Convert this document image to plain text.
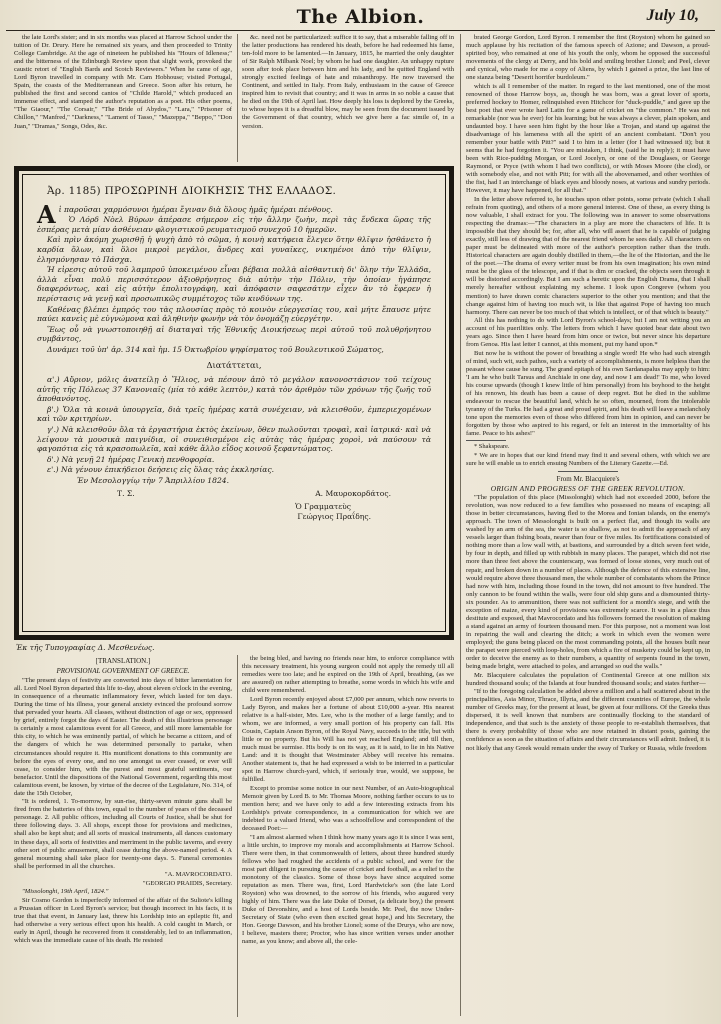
The Albion.	July 10,

the late Lord's sister; and in six months was placed at Harrow School under the tuition of Dr. Drury. Here he remained six years, and then proceeded to Trinity College Cambridge. At the age of nineteen he published his "Hours of Idleness;" and the bitterness of the Edinburgh Review upon that slight work, provoked the caustic retort of "English Bards and Scotch Reviewers." When he came of age, Lord Byron travelled in company with Mr. Cam Hobhouse; visited Portugal, Spain, the coasts of the Mediterranean and Greece. Soon after his return, he published the first and second cantos of "Childe Harold," which produced an immense effect, and stamped the author's reputation as a poet. His other poems, "The Giaour," "The Corsair," "The Bride of Abydos," "Lara," "Prisoner of Chillon," "Manfred," "Darkness," "Lament of Tasso," "Mazeppa," "Beppo," "Don Juan," "Dramas," Songs, Odes, &c.

&c. need not be particularized: suffice it to say, that a miserable falling off in the latter productions has rendered his death, before he had redeemed his fame, ten-fold more to be lamented.—In January, 1815, he married the only daughter of Sir Ralph Milbank Noel; by whom he had one daughter. An unhappy rupture soon after took place between him and his lady, and he quitted England with strongly excited feelings of hate and misanthropy. He now traversed the Continent, and settled in Italy. From Italy, enthusiasm in the cause of Greece inspired him to revisit that country; and it was in arms in so noble a cause that he died on the 19th of April last. How deeply his loss is deplored by the Greeks, to whose hopes it is a dreadful blow, may be seen from the document issued by the Government of that country, which we give here a fac simile of, in a version.

Ἀρ. 1185) ΠΡΟΣΩΡΙΝΗ ΔΙΟΙΚΗΣΙΣ ΤΗΣ ΕΛΛΑΔΟΣ.

Αἱ παροῦσαι χαρμόσυνοι ἡμέραι ἔγιναν διὰ ὅλους ἡμᾶς ἡμέραι πένθους.

Ὁ Λόρδ Νὸελ Βύρων ἀπέρασε σήμερον εἰς τὴν ἄλλην ζωὴν, περὶ τὰς ἕνδεκα ὥρας τῆς ἑσπέρας μετὰ μίαν ἀσθένειαν φλογιστικοῦ ρευματισμοῦ συνεχοῦ 10 ἡμερῶν.

Καὶ πρὶν ἀκόμη χωρισθῇ ἡ ψυχὴ ἀπὸ τὸ σῶμα, ἡ κοινὴ κατήφεια ἔλεγεν ὅτην θλῖψιν ἠσθάνετο ἡ καρδία ὅλων, καὶ ὅλοι μικροὶ μεγάλοι, ἄνδρες καὶ γυναῖκες, νικημένοι ἀπὸ τὴν θλῖψιν, ἐλησμόνησαν τὸ Πάσχα.

Ἡ εἰρεσις αὐτοῦ τοῦ λαμπροῦ ὑποκειμένου εἶναι βέβαια πολλὰ αἰσθαντικὴ δι' ὅλην τὴν Ἑλλάδα, ἀλλὰ εἶναι πολὺ περισσότερον ἀξιοθρήνητος διὰ αὐτὴν τὴν Πόλιν, τὴν ὁποίαν ἠγάπησε διαφερόντως, καὶ εἰς αὐτὴν ἐπολιτογράφη, καὶ ἀπόφασιν σαφεσάτην εἶχεν ἂν τὸ ἔφερεν ἡ περίστασις νὰ γενῇ καὶ προσωπικῶς συμμέτοχος τῶν κινδύνων της.

Καθένας βλέπει ἐμπρός του τὰς πλουσίας πρὸς τὸ κοινὸν εὐεργεσίας του, καὶ μήτε ἔπαυσε μήτε παύει κανεὶς μὲ εὐγνώμονα καὶ ἀληθινὴν φωνὴν νὰ τὸν ὀνομάζῃ εὐεργέτην.

Ἕως οὗ νὰ γνωστοποιηθῇ αἱ διαταγαὶ τῆς Ἐθνικῆς Διοικήσεως περὶ αὐτοῦ τοῦ πολυθρήνητου συμβάντος,

Δυνάμει τοῦ ὑπ' ἀρ. 314 καὶ ἡμ. 15 Ὀκτωβρίου ψηφίσματος τοῦ Βουλευτικοῦ Σώματος,

Διατάττεται,

α'.) Αὔριον, μόλις ἀνατείλῃ ὁ Ἥλιος, νὰ πέσουν ἀπὸ τὸ μεγάλον κανονοστάσιον τοῦ τείχους αὐτῆς τῆς Πόλεως 37 Κανονιαῖς (μία τὸ κάθε λεπτὸν,) κατὰ τὸν ἀριθμὸν τῶν χρόνων τῆς ζωῆς τοῦ ἀποθανόντος.

β'.) Ὅλα τὰ κοινὰ ὑπουργεῖα, διὰ τρεῖς ἡμέρας κατὰ συνέχειαν, νὰ κλεισθοῦν, ἐμπεριεχομένων καὶ τῶν κριτηρίων.

γ'.) Νὰ κλεισθοῦν ὅλα τὰ ἐργαστήρια ἐκτὸς ἐκείνων, ὅθεν πωλοῦνται τροφαὶ, καὶ ἰατρικά· καὶ νὰ λείψουν τὰ μουσικὰ παιγνίδια, οἱ συνειθισμένοι εἰς αὐτὰς τὰς ἡμέρας χοροὶ, νὰ παύσουν τὰ φαγοπότια εἰς τὰ κρασοπωλεῖα, καὶ κάθε ἄλλο εἶδος κοινοῦ ξεφαντώματος.

δ'.) Νὰ γενῇ 21 ἡμέρας Γενικὴ πενθοφορία.

ε'.) Νὰ γένουν ἐπικήδειοι δεήσεις εἰς ὅλας τὰς ἐκκλησίας.

Ἐν Μεσολογγίῳ τὴν 7 Ἀπριλλίου 1824.

Τ. Σ.	Α. Μαυροκορδάτος.
Ὁ Γραμματεὺς
Γεώργιος Πραΐδης.
Ἐκ τῆς Τυπογραφίας Δ. Μεσθενέως.

brated George Gordon, Lord Byron. I remember the first (Royston) whom he gained so much applause by his recitation of the famous speech of Azione; and Dawson, a proud-spirited boy, who remained at one of his youth the only, whom he opposed the successful movements of the clergy at Derry, and his bold and smiling brother Lionel; and Peel, clever and cynical, who made for me a copy of Aliens, by which I gained a prize, the last line of one stanza being "Deserit horrifer burdoleum."

which is all I remember of the matter. In regard to the last mentioned, one of the most renowned of those Harrow boys, as, though he was born, was a great lover of sports, preferred hockey to Homer, relinquished even Hitchcor for "duck-puddle," and gave up the best poet that ever wrote hard Latin for a game of cricket on "the common." He was not remarkable (nor was he ever) for his learning; but he was always a clever, plain spoken, and undaunted boy. I have seen him fight by the hour like a Trojan, and stand up against the disadvantage of his lameness with all the spirit of an ancient combatant. "Don't you remember your battle with Pitt?" said I to him in a letter (for I had witnessed it); but it seems that he had forgotten it. "You are mistaken, I think, (said he in reply); it must have been with Rice-pudding Morgan, or Lord Jocelyn, or one of the Douglases, or George Raymond, or Pryce (with whom I had two conflicts), or with Moses Moore (the clod), or with somebody else, and not with Pitt; for with all the abovenamed, and other worthies of the fist, had I an interchange of black eyes and bloody noses, at various and sundry periods. However, it may have happened, for all that."

In the letter above referred to, he touches upon other points, some private (which I shall refrain from quoting), and others of a more general interest. One of these, as every thing is now valuable, I shall extract for you. The following was in answer to some observations respecting the dramas:—"The characters in a play are more the characters of life. It is impossible that they should be; for, after all, who will assert that he is capable of judging exactly, still less of drawing that of the nearest friend whom he sees daily. All characters on paper must be delineated with more of the author's perception rather than the truth. Historical characters are again doubly distilled in them,—the lie of the Historian, and the lie of the poet.—The drama of every writer must be from his own imagination; his own mind must be the glass of the telescope, and if that is dim or cracked, the objects seen through it will be distorted accordingly. But I am such a heretic upon the English Drama, that I shall merely hereafter without explaining my scheme. I look upon Congreve (whom you mention) to have drawn comic characters superior to the other you mention; and that the change against him of having too much wit, is like that against Pope of having too much harmony. There can never be too much of that which is intellect, or of that which is beauty."

All this has nothing to do with Lord Byron's school-days; but I am not writing you an account of his puerilities only. The letters from which I have quoted bear date about two years ago. Since then I have heard from him once or twice, but never since his departure from Genoa. His last letter I cannot, at this moment, put my hand upon.*

But now he is without the power of breathing a single word! He who had such strength of mind, such wit, such pathos, such a variety of accomplishments, is more helpless than the peasant whose cause he sung. The grand epitaph of his own Sardanapalus may apply to him: 'I am he who built Tarsus and Anchiale in one day, and now I am dead!' To me, who loved his course upwards (though I knew little of him personally) from his boyhood to the height of his renown, his death has been a cause of deep regret. But he died in the sublime endeavour to rescue the beautiful land, which he so often, mourned, from the intolerable tyranny of the Turks. He had a great and proud spirit, and his death will leave a melancholy tone upon the memories even of those who differed from him in opinion, and can never be forgotten by those who aspired to his regard, or felt an interest in the immortality of his fame. Peace to his ashes!"

* Shakspeare.

* We are in hopes that our kind friend may find it and several others, with which we are sure he will enable us to enrich ensuing Numbers of the Literary Gazette.—Ed.

From Mr. Blacquiere's
ORIGIN AND PROGRESS OF THE GREEK REVOLUTION.

"The population of this place (Missolonghi) which had not exceeded 2000, before the revolution, was now reduced to a few families who possessed no means of escaping; all those in better circumstances, having fled to the Morea and Ionian islands, on the enemy's approach. The town of Messolonghi is built on a perfect flat, and though its walls are washed by an arm of the sea, the water is so shallow, as not to admit the approach of any vessels larger than fishing boats, nearer than four or five miles. Its fortifications consisted of nothing more than a low wall with, at bastions, and surrounded by a ditch seven feet wide, by four in depth, and filled up with rubbish in many places. The parapet, which did not rise more than three feet above the counterscarp, was formed of loose stones, very much out of repair, and broken down in a number of places. Although the defence of this extensive line, would require above three thousand men, the whole number of combatants whom the Prince had now with him, including those found in the town, did not amount to five hundred. The only cannon to be found within the walls, were four old ship guns and a dismounted thirty-six pounder. As to ammunition, there was not sufficient for a month's siege, and with the exception of maize, every kind of provisions was extremely scarce. It was in a place thus destitute and exposed, that Mavrocordato and his followers formed the resolution of making a stand against an army of fourteen thousand men. For this purpose, not a moment was lost in repairing the wall and clearing the ditch; a work in which even the women were employed; the guns being placed on the most commanding points, all the houses built near the parapet were pierced with loop-holes, from which a fire of musketry could be kept up, in order to deceive the enemy as to their numbers, a quantity of serpents found in the town, being made bright, were attached to poles, and arranged so oud the walls."

Mr. Blacquiere calculates the population of Continental Greece at one million six hundred thousand souls; of the Islands at four hundred thousand souls; and states further—

"If to the foregoing calculation be added above a million and a half scattered about in the principalities, Asia Minor, Thrace, Illyria, and the different countries of Europe, the whole number of Greeks may, for the present at least, be given at four millions. Of the Greeks thus dispersed, it is well known that numbers are continually flocking to the standard of independence, and that such is the anxiety of those people to re-establish themselves, that there is every probability of those who are now retained in distant posts, gaining the confidence as soon as the situation of affairs and their circumstances will admit. Indeed, it is not likely that any Greek would remain under the sway of Turkey or Russia, while freedom

[TRANSLATION.]
PROVISIONAL GOVERNMENT OF GREECE.

"The present days of festivity are converted into days of bitter lamentation for all. Lord Noel Byron departed this life to-day, about eleven o'clock in the evening, in consequence of a rheumatic inflammatory fever, which lasted for ten days. During the time of his illness, your general anxiety evinced the profound sorrow that pervaded your hearts. All classes, without distinction of age or sex, oppressed by grief, entirely forgot the days of Easter. The death of this illustrious personage is certainly a most calamitous event for all Greece, and still more lamentable for this city, to which he was eminently partial, of which he became a citizen, and of the dangers of which he was determined personally to partake, when circumstances should require it. His munificent donations to this community are before the eyes of every one, and no one amongst us ever ceased, or ever will cease, to consider him, with the purest and most grateful sentiments, our benefactor. Until the dispositions of the National Government, regarding this most calamitous event, be known, by virtue of the decree of the Legislature, No. 314, of date the 15th October,

"It is ordered, 1. To-morrow, by sun-rise, thirty-seven minute guns shall be fired from the batteries of this town, equal to the number of years of the deceased personage. 2. All public offices, including all Courts of Justice, shall be shut for three following days. 3. All shops, except those for provisions and medicines, shall also be kept shut; and all sorts of musical instruments, all dances customary in these days, all sorts of festivities and merriment in the public taverns, and every other sort of public amusement, shall cease during the above-named period. 4. A general mourning shall take place for twenty-one days. 5. Funeral ceremonies shall be performed in all the churches.

"A. MAVROCORDATO.

"GEORGIO PRAIDIS, Secretary.

"Missolonghi, 19th April, 1824."

Sir Cosmo Gordon is imperfectly informed of the affair of the Suliote's killing a Prussian officer in Lord Byron's service; but though incorrect in his facts, it is true that that event, in January last, threw his Lordship into an epileptic fit, and had otherwise a very serious effect upon his health. A cold caught in March, or early in April, though he recovered from it considerably, led to an inflammation, which was the immediate cause of his death. He resisted

the being bled, and having no friends near him, to enforce compliance with this necessary treatment, his young surgeon could not apply the remedy till all remedies were too late; and he expired on the 19th of April, breathing, (as we are assured) on rather attempting to breathe, some words in which his wife and child were remembered.

Lord Byron recently enjoyed about £7,000 per annum, which now reverts to Lady Byron, and makes her a fortune of about £10,000 a-year. His nearest relative is a half-sister, Mrs. Lee, who is the mother of a large family; and to whom, we are informed, a very small portion of his property can fall. His Cousin, Captain Anson Byron, of the Royal Navy, succeeds to the title, but with little or no property. But his Will has not yet reached England; and till then, much must be surmise. His body is on its way, as it is said, to lie in his Native Land: and it is thought that Westminster Abbey will receive his remains. Another statement is, that he had expressed a wish to be interred in a particular spot in Harrow church-yard, which, if seriously true, would, we suppose, be fulfilled.

Except to promise some notice in our next Number, of an Auto-biographical Memoir given by Lord B. to Mr. Thomas Moore, nothing farther occurs to us to mention here; and we have only to add a few interesting extracts from his Lordship's private correspondence, in a communication for which we are indebted to a valued friend, who was a schoolfellow and correspondent of the deceased Poet:—

"I am almost alarmed when I think how many years ago it is since I was sent, a little urchin, to improve my morals and accomplishments at Harrow School. There were then, in that commonwealth of letters, about three hundred sturdy fellows who had roughed the accidents of a public school, and were for the most part diligent in pursuing the cause of cricket and football, as a relief to the monotony of the classics. Some of those boys have since acquired some reputation as men. There was, first, Lord Hardwicke's son (the late Lord Royston) who was drowned, to the sorrow of his friends, who augured very highly of him. There was the late Duke of Dorset, (a delicate boy,) the present Duke of Devonshire, and a host of Lords beside. Mr. Peel, the now Under-Secretary of State (who even then excited great hope,) and his Secretary, the Hon. George Dawson, and his brother Lionel; some of the Drurys, who are now, I believe, masters there; Proctor, who has since written verses under another name, as you know; and above all, the cele-
